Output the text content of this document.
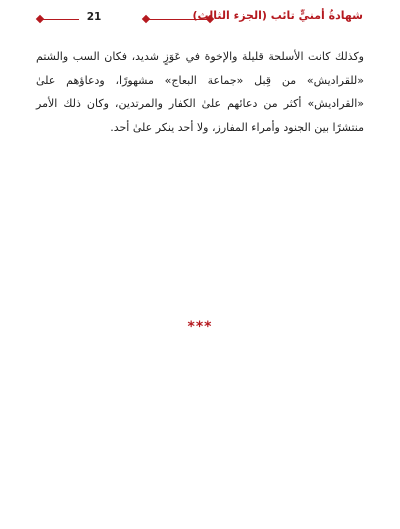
21	شهادةُ أمنيٍّ تائب (الجزء الثالث)

وكذلك كانت الأسلحة قليلة والإخوة في عَوَزٍ شديد، فكان السب والشتم «للقراديش» من قِبل «جماعة البعاج» مشهورًا، ودعاؤهم علىٰ «القراديش» أكثر من دعائهم علىٰ الكفار والمرتدين، وكان ذلك الأمر منتشرًا بين الجنود وأمراء المفارز، ولا أحد ينكر علىٰ أحد.

***
